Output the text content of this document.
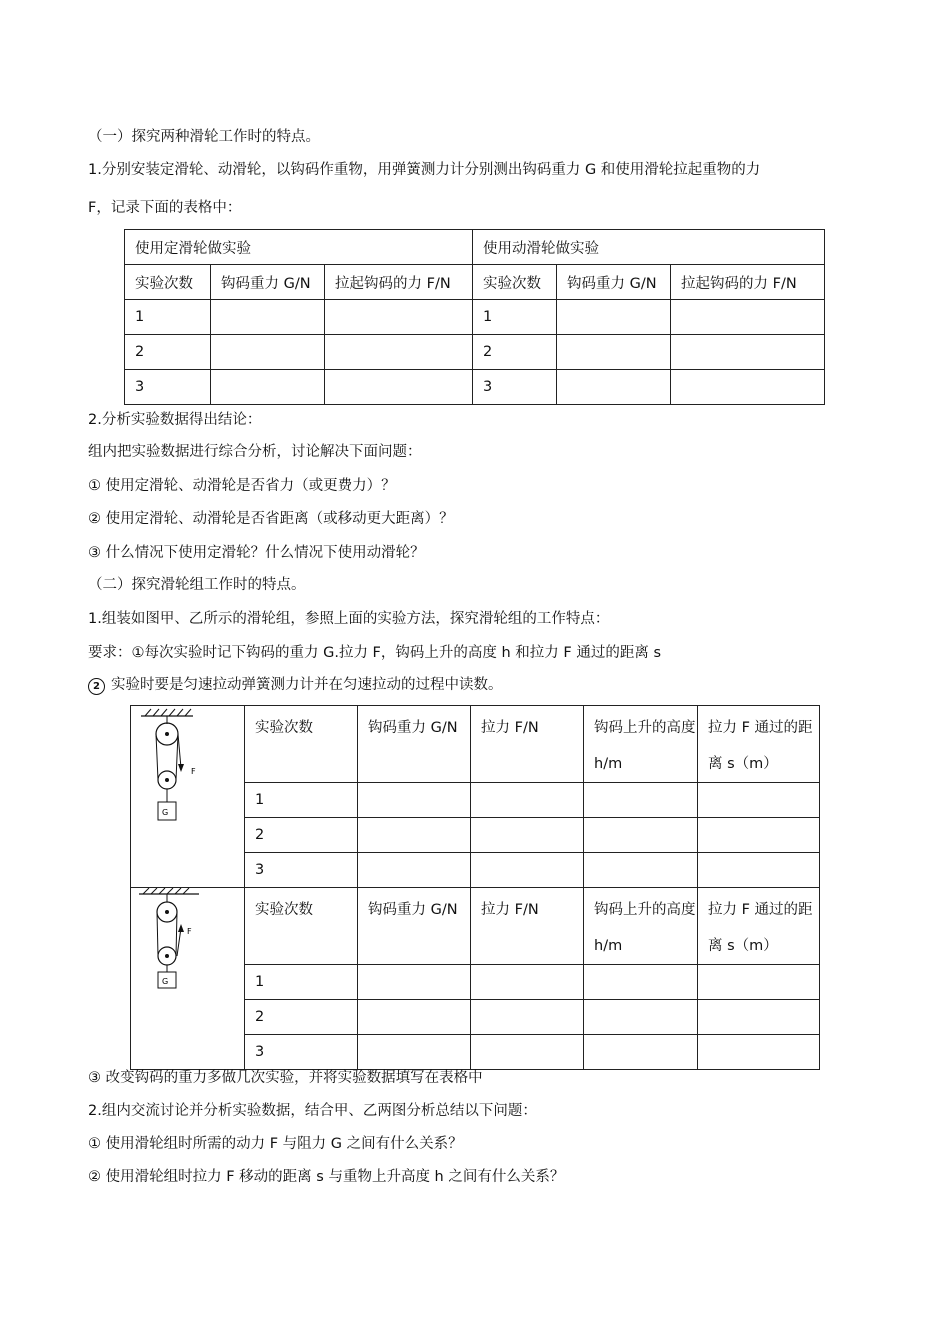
（一）探究两种滑轮工作时的特点。
1.分别安装定滑轮、动滑轮，以钩码作重物，用弹簧测力计分别测出钩码重力 G 和使用滑轮拉起重物的力
F，记录下面的表格中：
使用定滑轮做实验			使用动滑轮做实验		
实验次数	钩码重力 G/N	拉起钩码的力 F/N	实验次数	钩码重力 G/N	拉起钩码的力 F/N
1			1		
2			2		
3			3		
2.分析实验数据得出结论：
组内把实验数据进行综合分析，讨论解决下面问题：
① 使用定滑轮、动滑轮是否省力（或更费力）？
② 使用定滑轮、动滑轮是否省距离（或移动更大距离）？
③ 什么情况下使用定滑轮？什么情况下使用动滑轮？
（二）探究滑轮组工作时的特点。
1.组装如图甲、乙所示的滑轮组，参照上面的实验方法，探究滑轮组的工作特点：
要求：①每次实验时记下钩码的重力 G.拉力 F，钩码上升的高度 h 和拉力 F 通过的距离 s
2 实验时要是匀速拉动弹簧测力计并在匀速拉动的过程中读数。
F
G	实验次数	钩码重力 G/N	拉力 F/N	钩码上升的高度 h/m	拉力 F 通过的距离 s（m）
	1				
	2				
	3				

F
G	实验次数	钩码重力 G/N	拉力 F/N	钩码上升的高度 h/m	拉力 F 通过的距离 s（m）
	1				
	2				
	3				
③ 改变钩码的重力多做几次实验，并将实验数据填写在表格中
2.组内交流讨论并分析实验数据，结合甲、乙两图分析总结以下问题：
① 使用滑轮组时所需的动力 F 与阻力 G 之间有什么关系？
② 使用滑轮组时拉力 F 移动的距离 s 与重物上升高度 h 之间有什么关系？
